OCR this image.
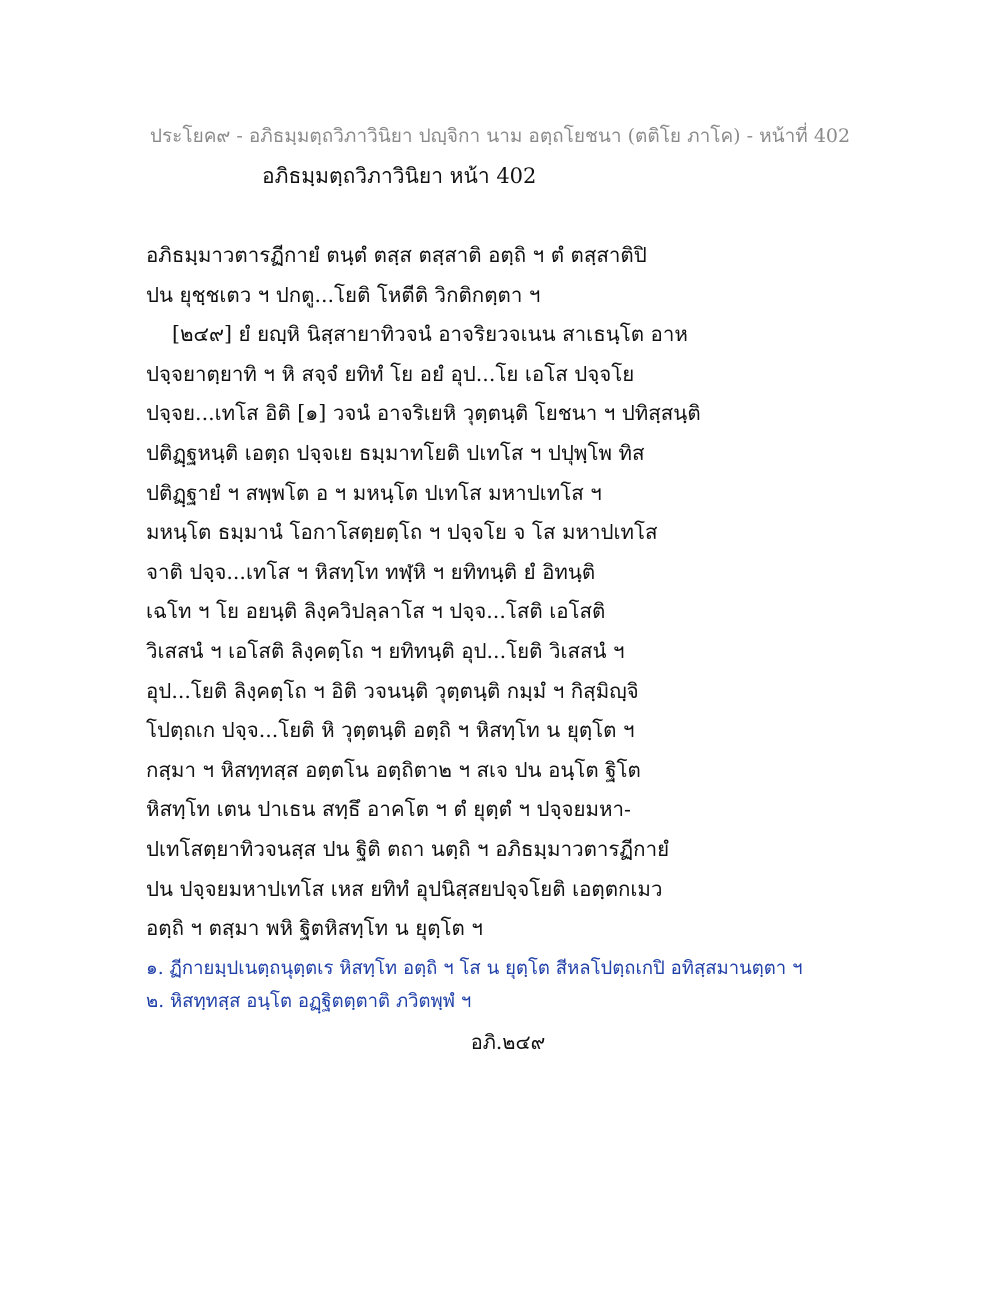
ประโยค๙ - อภิธมฺมตฺถวิภาวินิยา ปญฺจิกา นาม อตฺถโยชนา (ตติโย ภาโค) - หน้าที่ 402
อภิธมฺมตฺถวิภาวินิยา หน้า 402
อภิธมฺมาวตารฏีกายํ ตนฺตํ ตสฺส ตสฺสาติ อตฺถิ ฯ ตํ ตสฺสาติปิ
ปน ยุชฺชเตว ฯ ปกตู...โยติ โหตีติ วิกติกตฺตา ฯ
[๒๔๙] ยํ ยญฺหิ นิสฺสายาทิวจนํ อาจริยวจเนน สาเธนฺโต อาห
ปจฺจยาตฺยาทิ ฯ หิ สจฺจํ ยทิทํ โย อยํ อุป...โย เอโส ปจฺจโย
ปจฺจย...เทโส อิติ [๑] วจนํ อาจริเยหิ วุตฺตนฺติ โยชนา ฯ ปทิสฺสนฺติ
ปติฏฺฐหนฺติ เอตฺถ ปจฺจเย ธมฺมาทโยติ ปเทโส ฯ ปปุพฺโพ ทิส
ปติฏฺฐายํ ฯ สพฺพโต อ ฯ มหนฺโต ปเทโส มหาปเทโส ฯ
มหนฺโต ธมฺมานํ โอกาโสตฺยตฺโถ ฯ ปจฺจโย จ โส มหาปเทโส
จาติ ปจฺจ...เทโส ฯ หิสทฺโท ทฬฺหิ ฯ ยทิทนฺติ ยํ อิทนฺติ
เฉโท ฯ โย อยนฺติ ลิงฺควิปลฺลาโส ฯ ปจฺจ...โสติ เอโสติ
วิเสสนํ ฯ เอโสติ ลิงฺคตฺโถ ฯ ยทิทนฺติ อุป...โยติ วิเสสนํ ฯ
อุป...โยติ ลิงฺคตฺโถ ฯ อิติ วจนนฺติ วุตฺตนฺติ กมฺมํ ฯ กิสฺมิญฺจิ
โปตฺถเก ปจฺจ...โยติ หิ วุตฺตนฺติ อตฺถิ ฯ หิสทฺโท น ยุตฺโต ฯ
กสฺมา ฯ หิสทฺทสฺส อตฺตโน อตฺถิตา๒ ฯ สเจ ปน อนฺโต ฐิโต
หิสทฺโท เตน ปาเธน สทฺธึ อาคโต ฯ ตํ ยุตฺตํ ฯ ปจฺจยมหา-
ปเทโสตฺยาทิวจนสฺส ปน ฐิติ ตถา นตฺถิ ฯ อภิธมฺมาวตารฏีกายํ
ปน ปจฺจยมหาปเทโส เหส ยทิทํ อุปนิสฺสยปจฺจโยติ เอตฺตกเมว
อตฺถิ ฯ ตสฺมา พหิ ฐิตหิสทฺโท น ยุตฺโต ฯ
๑. ฏีกายมฺปเนตฺถนุตฺตเร หิสทฺโท อตฺถิ ฯ โส น ยุตฺโต สีหลโปตฺถเกปิ อทิสฺสมานตฺตา ฯ
๒. หิสทฺทสฺส อนฺโต อฏฺฐิตตฺตาติ ภวิตพฺพํ ฯ
อภิ.๒๔๙
